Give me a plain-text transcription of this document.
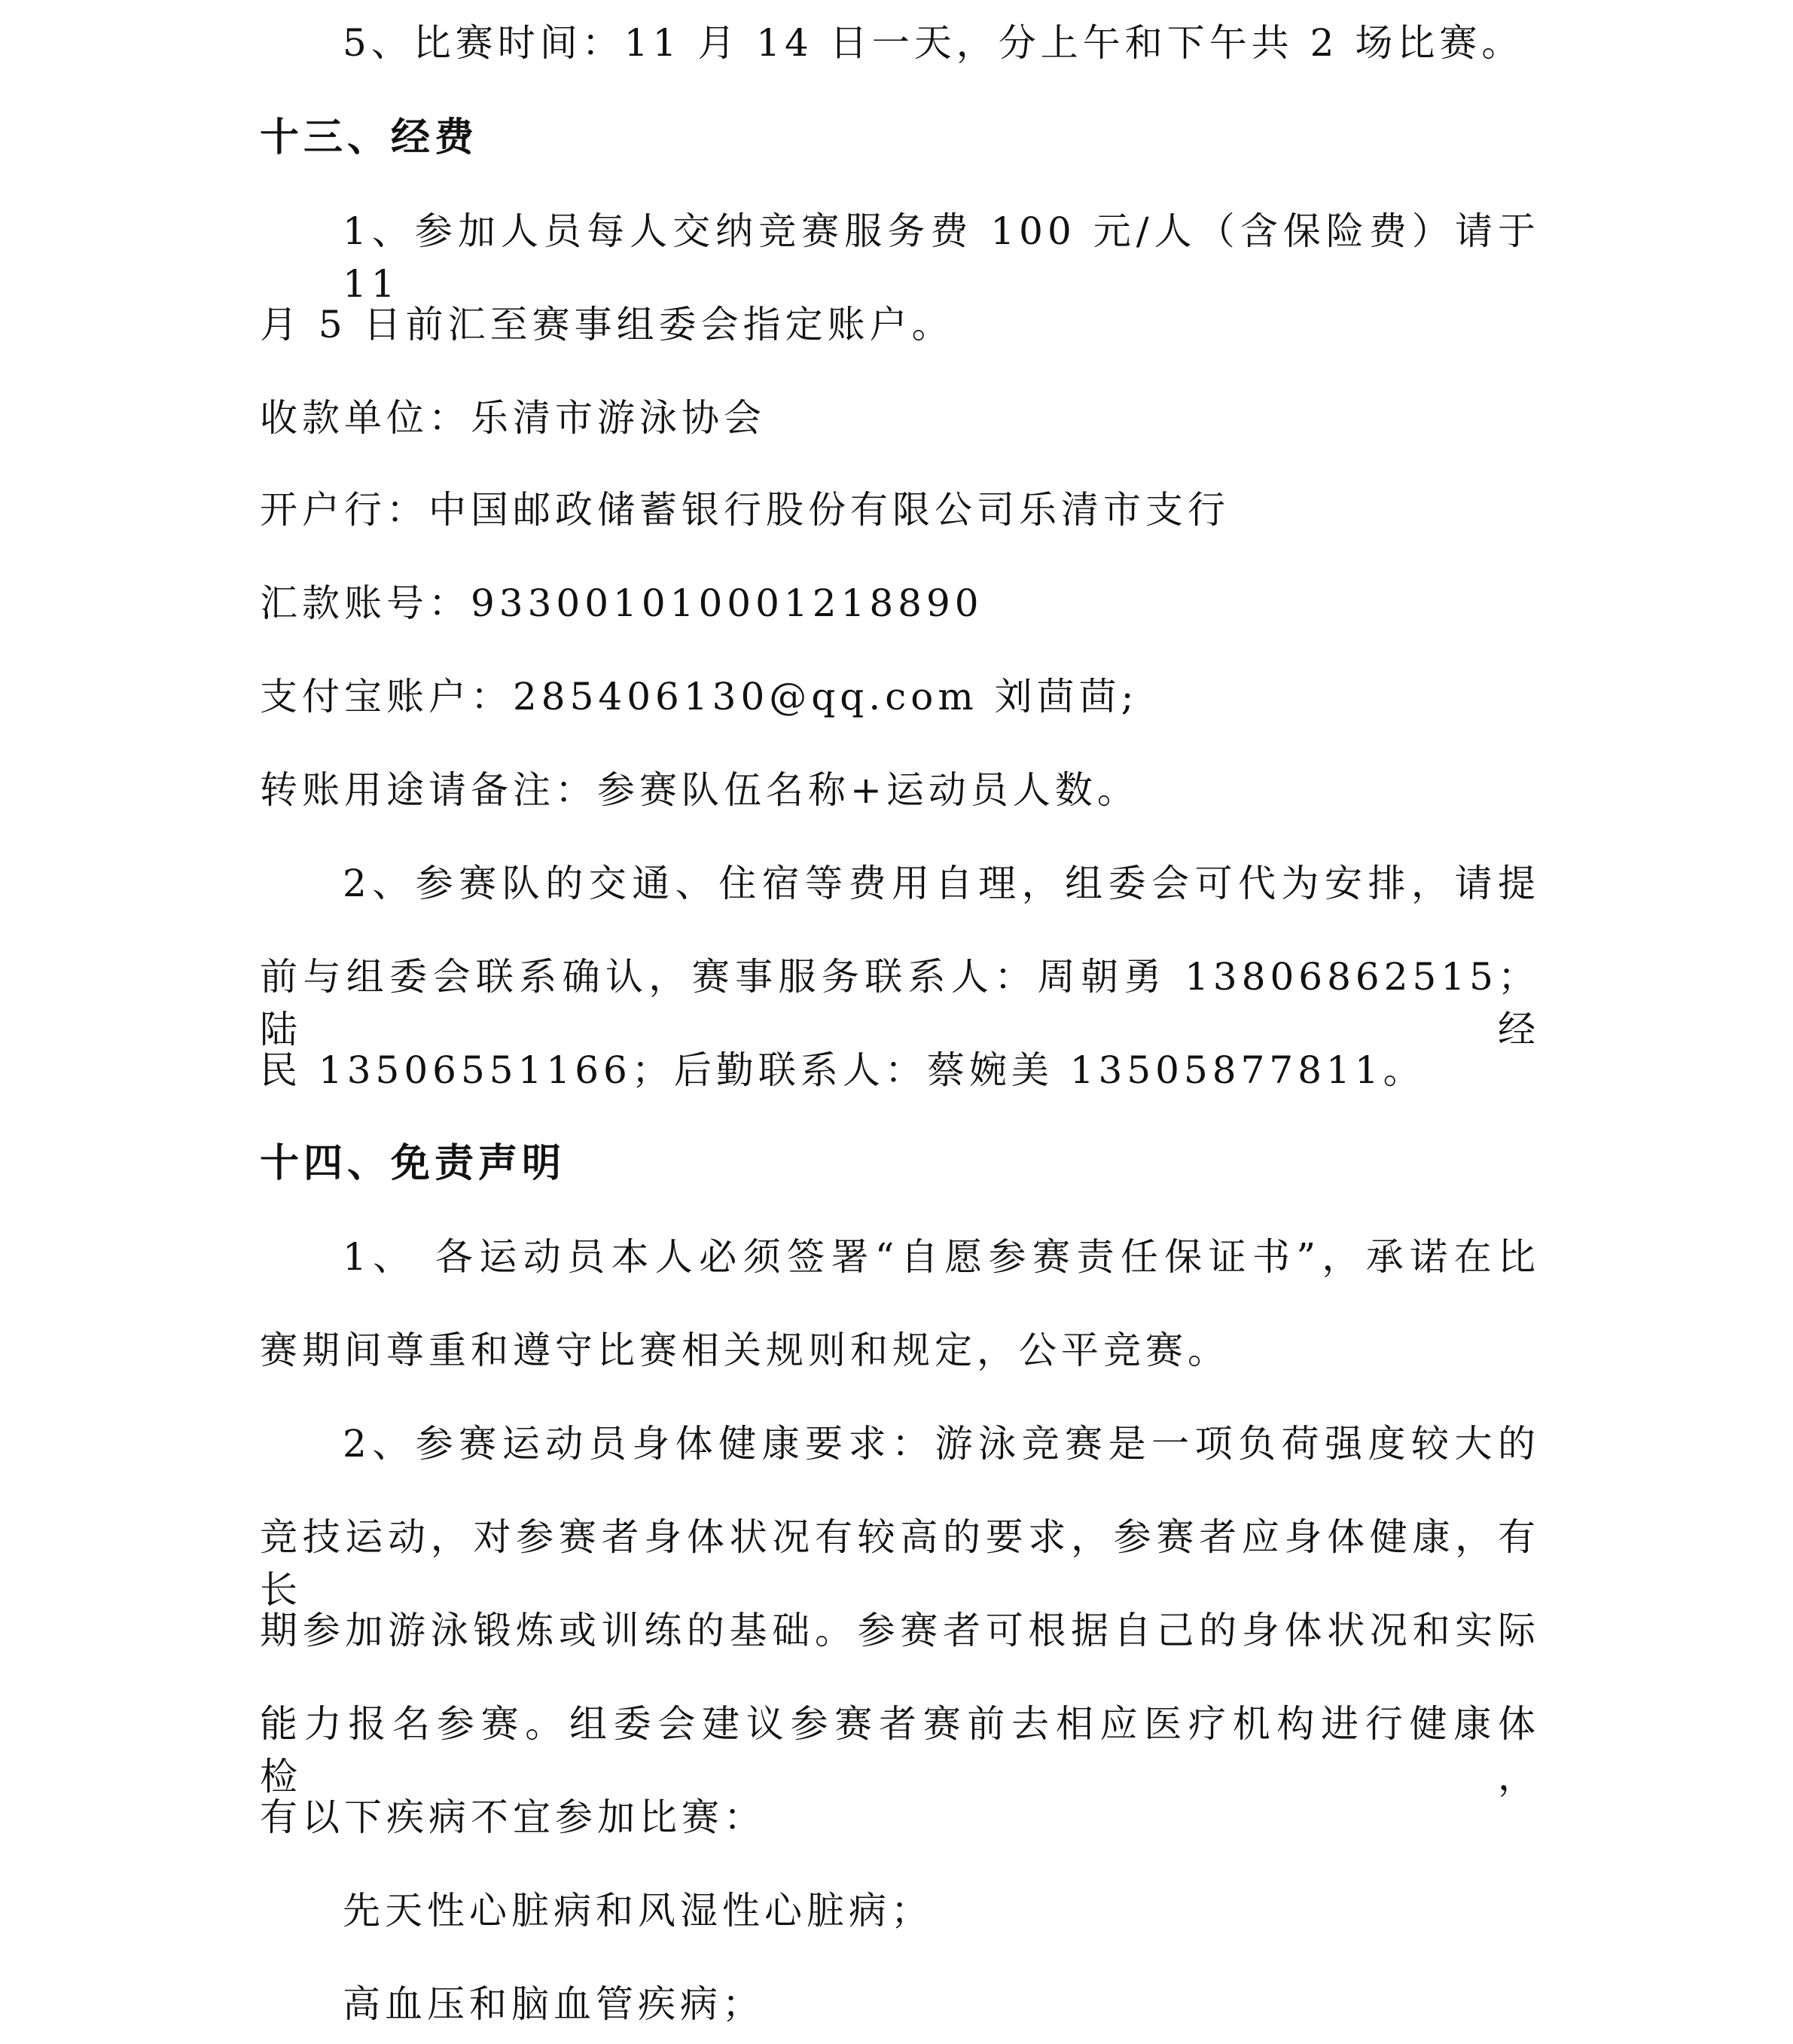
5、比赛时间：11 月 14 日一天，分上午和下午共 2 场比赛。
十三、经费
1、参加人员每人交纳竞赛服务费 100 元/人（含保险费）请于 11
月 5 日前汇至赛事组委会指定账户。
收款单位：乐清市游泳协会
开户行：中国邮政储蓄银行股份有限公司乐清市支行
汇款账号：933001010001218890
支付宝账户：285406130@qq.com 刘茴茴;
转账用途请备注：参赛队伍名称+运动员人数。
2、参赛队的交通、住宿等费用自理，组委会可代为安排，请提
前与组委会联系确认，赛事服务联系人：周朝勇 13806862515；陆经
民 13506551166；后勤联系人：蔡婉美 13505877811。
十四、免责声明
1、 各运动员本人必须签署“自愿参赛责任保证书”，承诺在比
赛期间尊重和遵守比赛相关规则和规定，公平竞赛。
2、参赛运动员身体健康要求：游泳竞赛是一项负荷强度较大的
竞技运动，对参赛者身体状况有较高的要求，参赛者应身体健康，有长
期参加游泳锻炼或训练的基础。参赛者可根据自己的身体状况和实际
能力报名参赛。组委会建议参赛者赛前去相应医疗机构进行健康体检，
有以下疾病不宜参加比赛：
先天性心脏病和风湿性心脏病；
高血压和脑血管疾病；
